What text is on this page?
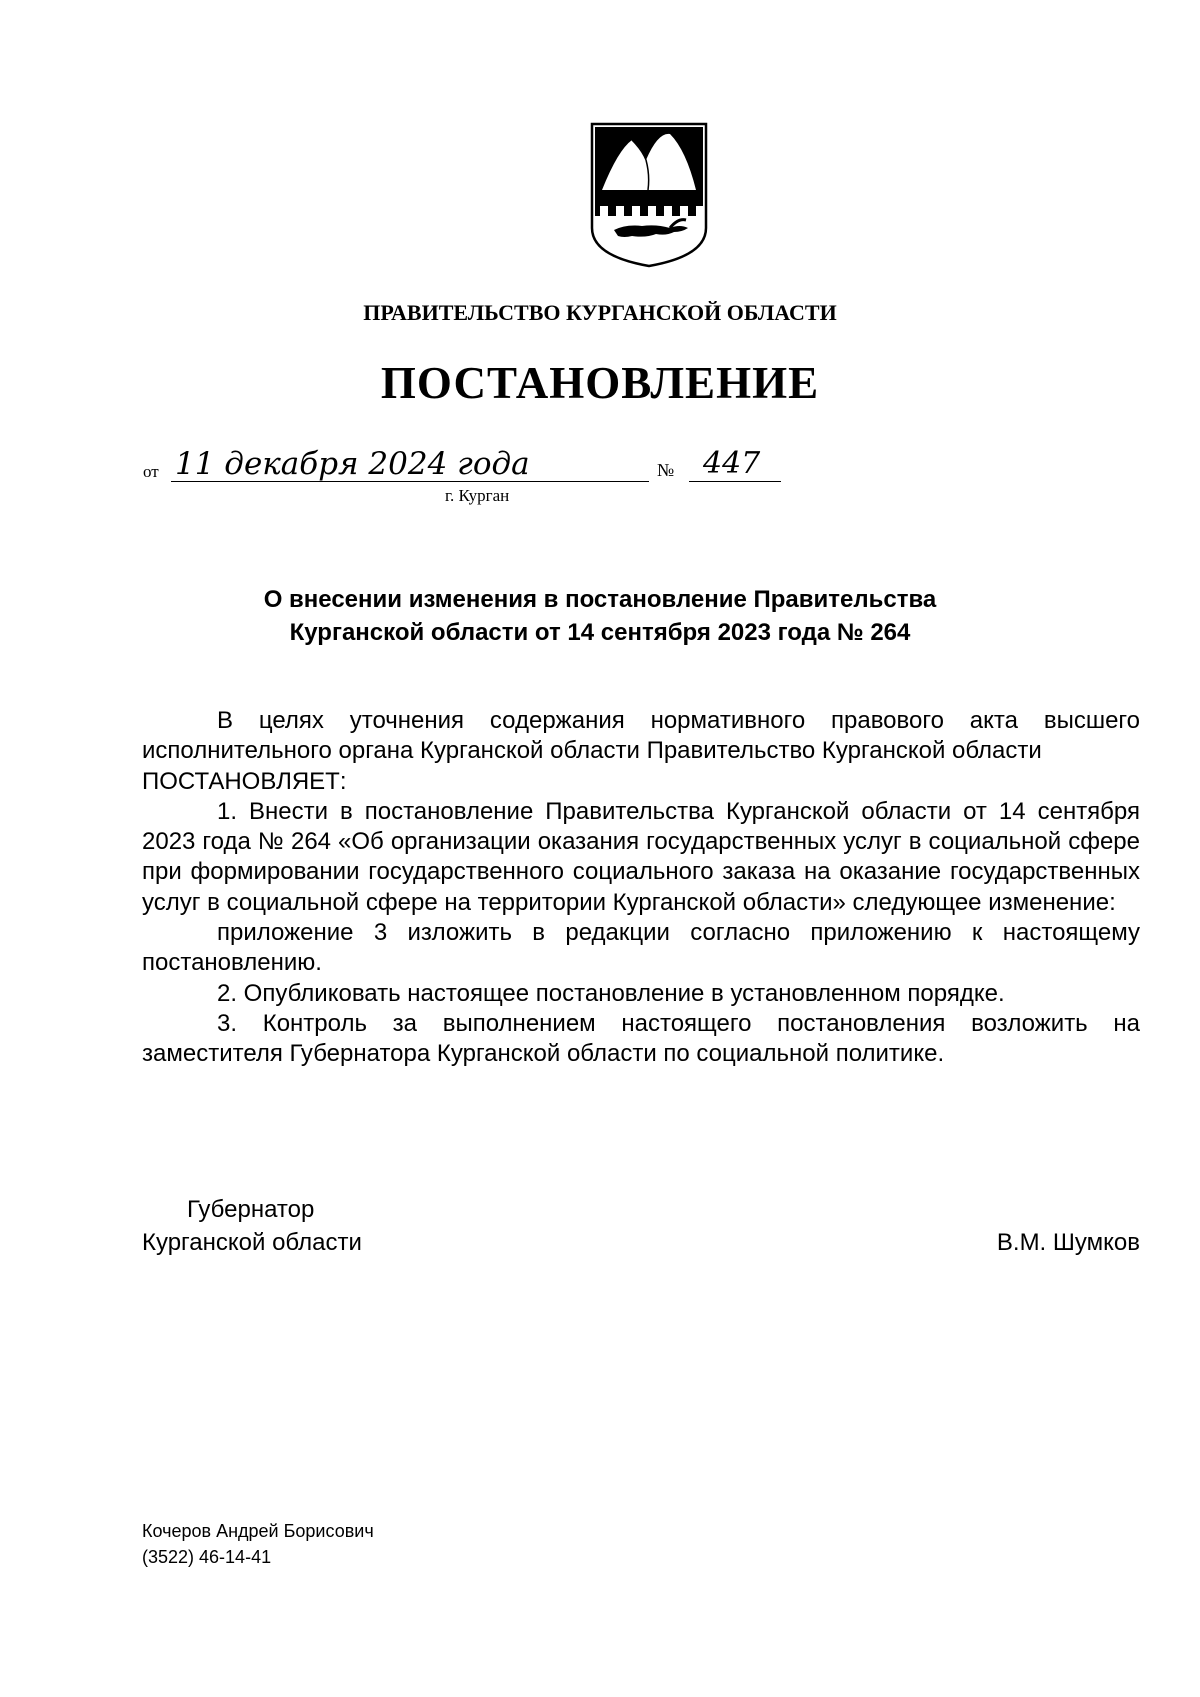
ПРАВИТЕЛЬСТВО КУРГАНСКОЙ ОБЛАСТИ
ПОСТАНОВЛЕНИЕ
от 11 декабря 2024 года	№ 447
г. Курган
О внесении изменения в постановление Правительства
Курганской области от 14 сентября 2023 года № 264

В целях уточнения содержания нормативного правового акта высшего исполнительного органа Курганской области Правительство Курганской области

ПОСТАНОВЛЯЕТ:

1. Внести в постановление Правительства Курганской области от 14 сентября 2023 года № 264 «Об организации оказания государственных услуг в социальной сфере при формировании государственного социального заказа на оказание государственных услуг в социальной сфере на территории Курганской области» следующее изменение:

приложение 3 изложить в редакции согласно приложению к настоящему постановлению.

2. Опубликовать настоящее постановление в установленном порядке.

3. Контроль за выполнением настоящего постановления возложить на заместителя Губернатора Курганской области по социальной политике.

Губернатор
Курганской области	В.М. Шумков
Кочеров Андрей Борисович
(3522) 46-14-41
